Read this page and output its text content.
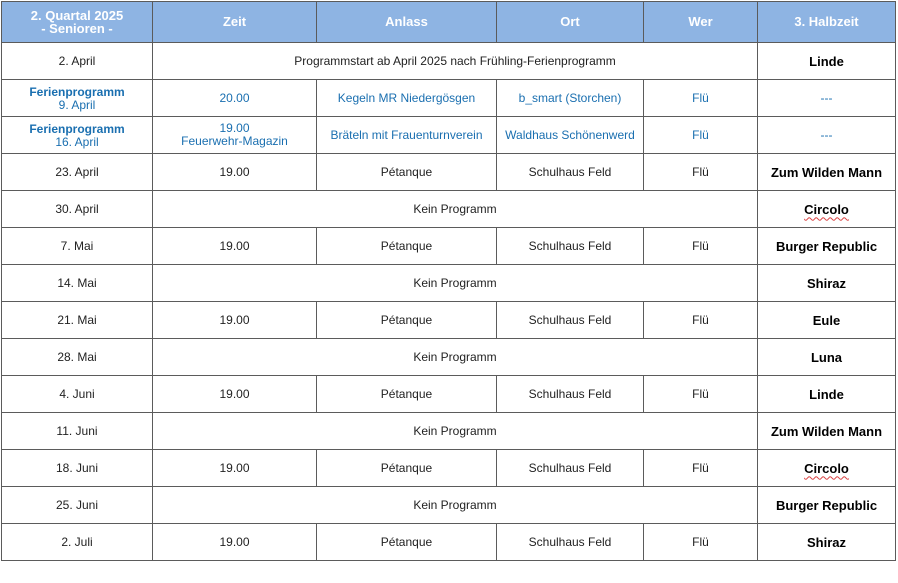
2. Quartal 2025
- Senioren -	Zeit	Anlass	Ort	Wer	3. Halbzeit
2. April	Programmstart ab April 2025 nach Frühling-Ferienprogramm				Linde

Ferienprogramm
9. April	20.00	Kegeln MR Niedergösgen	b_smart (Storchen)	Flü	---

Ferienprogramm
16. April	19.00
Feuerwehr-Magazin	Bräteln mit Frauenturnverein	Waldhaus Schönenwerd	Flü	---
23. April	19.00	Pétanque	Schulhaus Feld	Flü	Zum Wilden Mann
30. April	Kein Programm				Circolo
7. Mai	19.00	Pétanque	Schulhaus Feld	Flü	Burger Republic
14. Mai	Kein Programm				Shiraz
21. Mai	19.00	Pétanque	Schulhaus Feld	Flü	Eule
28. Mai	Kein Programm				Luna
4. Juni	19.00	Pétanque	Schulhaus Feld	Flü	Linde
11. Juni	Kein Programm				Zum Wilden Mann
18. Juni	19.00	Pétanque	Schulhaus Feld	Flü	Circolo
25. Juni	Kein Programm				Burger Republic
2. Juli	19.00	Pétanque	Schulhaus Feld	Flü	Shiraz
